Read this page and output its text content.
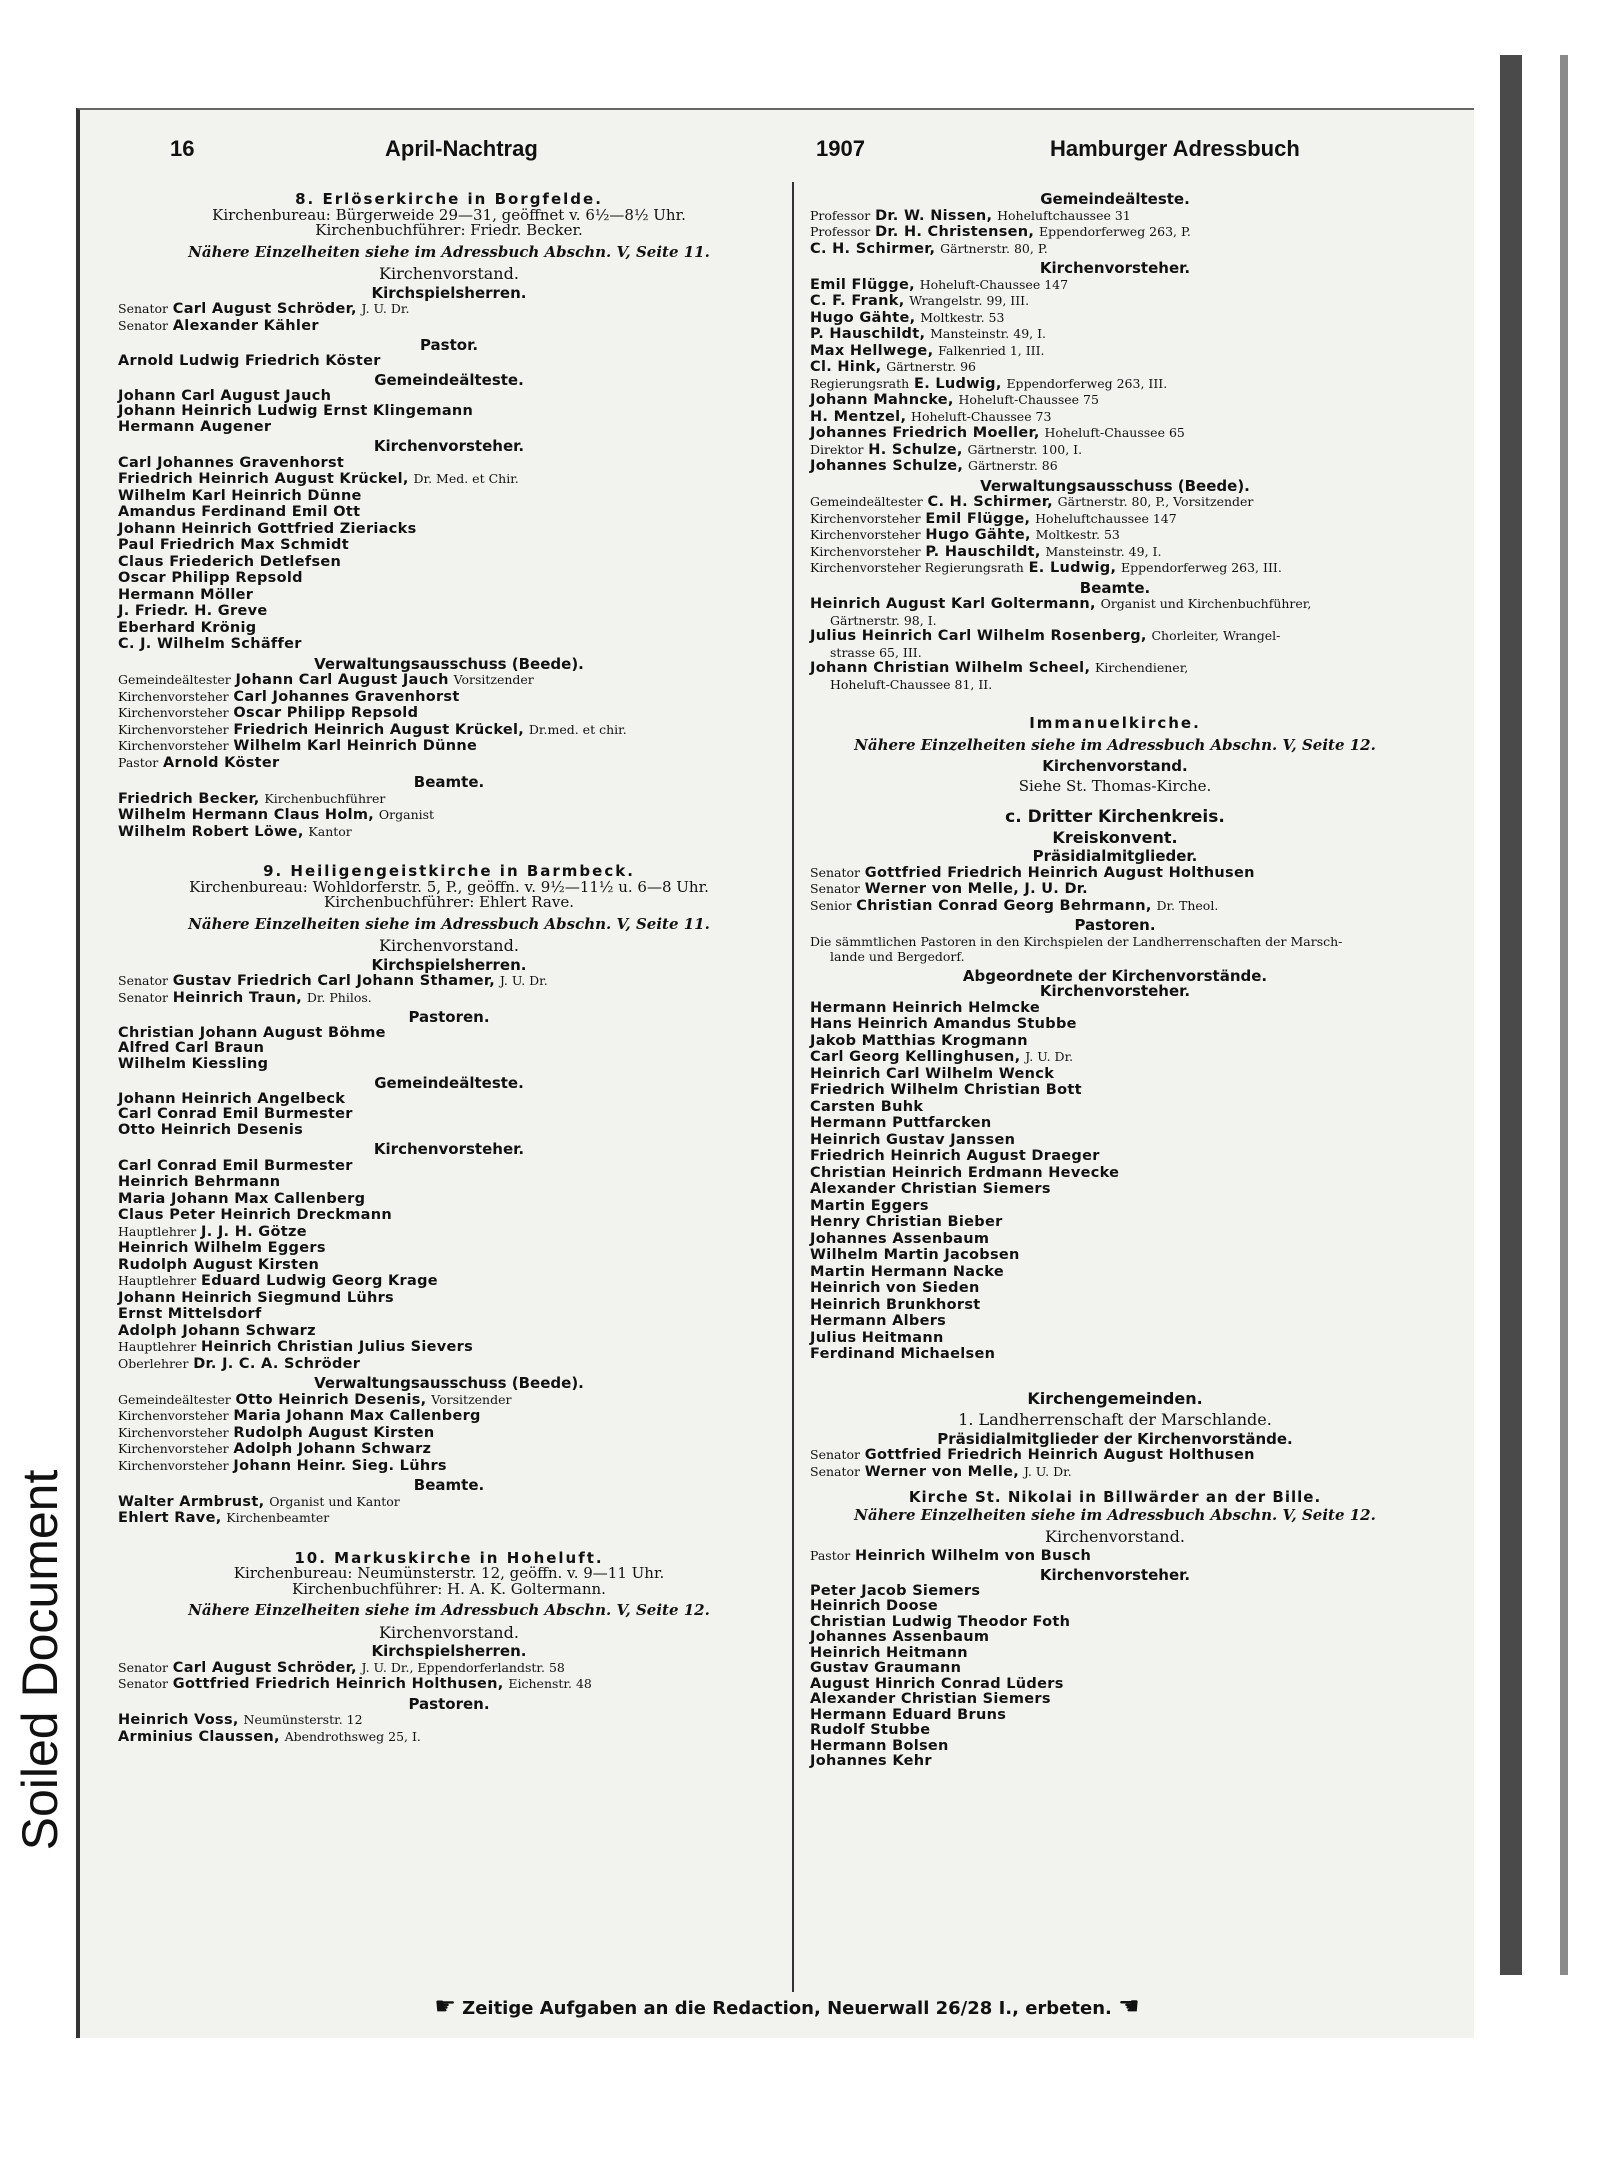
Soiled Document
16	April-Nachtrag	1907	Hamburger Adressbuch
8. Erlöserkirche in Borgfelde.
Kirchenbureau: Bürgerweide 29—31, geöffnet v. 6½—8½ Uhr.
Kirchenbuchführer: Friedr. Becker.
Nähere Einzelheiten siehe im Adressbuch Abschn. V, Seite 11.
Kirchenvorstand.
Kirchspielsherren.
Senator Carl August Schröder, J. U. Dr.
Senator Alexander Kähler
Pastor.
Arnold Ludwig Friedrich Köster
Gemeindeälteste.
Johann Carl August Jauch
Johann Heinrich Ludwig Ernst Klingemann
Hermann Augener
Kirchenvorsteher.
Carl Johannes Gravenhorst
Friedrich Heinrich August Krückel, Dr. Med. et Chir.
Wilhelm Karl Heinrich Dünne
Amandus Ferdinand Emil Ott
Johann Heinrich Gottfried Zieriacks
Paul Friedrich Max Schmidt
Claus Friederich Detlefsen
Oscar Philipp Repsold
Hermann Möller
J. Friedr. H. Greve
Eberhard Krönig
C. J. Wilhelm Schäffer
Verwaltungsausschuss (Beede).
Gemeindeältester Johann Carl August Jauch Vorsitzender
Kirchenvorsteher Carl Johannes Gravenhorst
Kirchenvorsteher Oscar Philipp Repsold
Kirchenvorsteher Friedrich Heinrich August Krückel, Dr.med. et chir.
Kirchenvorsteher Wilhelm Karl Heinrich Dünne
Pastor Arnold Köster
Beamte.
Friedrich Becker, Kirchenbuchführer
Wilhelm Hermann Claus Holm, Organist
Wilhelm Robert Löwe, Kantor
9. Heiligengeistkirche in Barmbeck.
Kirchenbureau: Wohldorferstr. 5, P., geöffn. v. 9½—11½ u. 6—8 Uhr.
Kirchenbuchführer: Ehlert Rave.
Nähere Einzelheiten siehe im Adressbuch Abschn. V, Seite 11.
Kirchenvorstand.
Kirchspielsherren.
Senator Gustav Friedrich Carl Johann Sthamer, J. U. Dr.
Senator Heinrich Traun, Dr. Philos.
Pastoren.
Christian Johann August Böhme
Alfred Carl Braun
Wilhelm Kiessling
Gemeindeälteste.
Johann Heinrich Angelbeck
Carl Conrad Emil Burmester
Otto Heinrich Desenis
Kirchenvorsteher.
Carl Conrad Emil Burmester
Heinrich Behrmann
Maria Johann Max Callenberg
Claus Peter Heinrich Dreckmann
Hauptlehrer J. J. H. Götze
Heinrich Wilhelm Eggers
Rudolph August Kirsten
Hauptlehrer Eduard Ludwig Georg Krage
Johann Heinrich Siegmund Lührs
Ernst Mittelsdorf
Adolph Johann Schwarz
Hauptlehrer Heinrich Christian Julius Sievers
Oberlehrer Dr. J. C. A. Schröder
Verwaltungsausschuss (Beede).
Gemeindeältester Otto Heinrich Desenis, Vorsitzender
Kirchenvorsteher Maria Johann Max Callenberg
Kirchenvorsteher Rudolph August Kirsten
Kirchenvorsteher Adolph Johann Schwarz
Kirchenvorsteher Johann Heinr. Sieg. Lührs
Beamte.
Walter Armbrust, Organist und Kantor
Ehlert Rave, Kirchenbeamter
10. Markuskirche in Hoheluft.
Kirchenbureau: Neumünsterstr. 12, geöffn. v. 9—11 Uhr.
Kirchenbuchführer: H. A. K. Goltermann.
Nähere Einzelheiten siehe im Adressbuch Abschn. V, Seite 12.
Kirchenvorstand.
Kirchspielsherren.
Senator Carl August Schröder, J. U. Dr., Eppendorferlandstr. 58
Senator Gottfried Friedrich Heinrich Holthusen, Eichenstr. 48
Pastoren.
Heinrich Voss, Neumünsterstr. 12
Arminius Claussen, Abendrothsweg 25, I.
Gemeindeälteste.
Professor Dr. W. Nissen, Hoheluftchaussee 31
Professor Dr. H. Christensen, Eppendorferweg 263, P.
C. H. Schirmer, Gärtnerstr. 80, P.
Kirchenvorsteher.
Emil Flügge, Hoheluft-Chaussee 147
C. F. Frank, Wrangelstr. 99, III.
Hugo Gähte, Moltkestr. 53
P. Hauschildt, Mansteinstr. 49, I.
Max Hellwege, Falkenried 1, III.
Cl. Hink, Gärtnerstr. 96
Regierungsrath E. Ludwig, Eppendorferweg 263, III.
Johann Mahncke, Hoheluft-Chaussee 75
H. Mentzel, Hoheluft-Chaussee 73
Johannes Friedrich Moeller, Hoheluft-Chaussee 65
Direktor H. Schulze, Gärtnerstr. 100, I.
Johannes Schulze, Gärtnerstr. 86
Verwaltungsausschuss (Beede).
Gemeindeältester C. H. Schirmer, Gärtnerstr. 80, P., Vorsitzender
Kirchenvorsteher Emil Flügge, Hoheluftchaussee 147
Kirchenvorsteher Hugo Gähte, Moltkestr. 53
Kirchenvorsteher P. Hauschildt, Mansteinstr. 49, I.
Kirchenvorsteher Regierungsrath E. Ludwig, Eppendorferweg 263, III.
Beamte.
Heinrich August Karl Goltermann, Organist und Kirchenbuchführer,
Gärtnerstr. 98, I.
Julius Heinrich Carl Wilhelm Rosenberg, Chorleiter, Wrangel-
strasse 65, III.
Johann Christian Wilhelm Scheel, Kirchendiener,
Hoheluft-Chaussee 81, II.
Immanuelkirche.
Nähere Einzelheiten siehe im Adressbuch Abschn. V, Seite 12.
Kirchenvorstand.
Siehe St. Thomas-Kirche.
c. Dritter Kirchenkreis.
Kreiskonvent.
Präsidialmitglieder.
Senator Gottfried Friedrich Heinrich August Holthusen
Senator Werner von Melle, J. U. Dr.
Senior Christian Conrad Georg Behrmann, Dr. Theol.
Pastoren.
Die sämmtlichen Pastoren in den Kirchspielen der Landherrenschaften der Marsch-
lande und Bergedorf.
Abgeordnete der Kirchenvorstände.
Kirchenvorsteher.
Hermann Heinrich Helmcke
Hans Heinrich Amandus Stubbe
Jakob Matthias Krogmann
Carl Georg Kellinghusen, J. U. Dr.
Heinrich Carl Wilhelm Wenck
Friedrich Wilhelm Christian Bott
Carsten Buhk
Hermann Puttfarcken
Heinrich Gustav Janssen
Friedrich Heinrich August Draeger
Christian Heinrich Erdmann Hevecke
Alexander Christian Siemers
Martin Eggers
Henry Christian Bieber
Johannes Assenbaum
Wilhelm Martin Jacobsen
Martin Hermann Nacke
Heinrich von Sieden
Heinrich Brunkhorst
Hermann Albers
Julius Heitmann
Ferdinand Michaelsen
Kirchengemeinden.
1. Landherrenschaft der Marschlande.
Präsidialmitglieder der Kirchenvorstände.
Senator Gottfried Friedrich Heinrich August Holthusen
Senator Werner von Melle, J. U. Dr.
Kirche St. Nikolai in Billwärder an der Bille.
Nähere Einzelheiten siehe im Adressbuch Abschn. V, Seite 12.
Kirchenvorstand.
Pastor Heinrich Wilhelm von Busch
Kirchenvorsteher.
Peter Jacob Siemers
Heinrich Doose
Christian Ludwig Theodor Foth
Johannes Assenbaum
Heinrich Heitmann
Gustav Graumann
August Hinrich Conrad Lüders
Alexander Christian Siemers
Hermann Eduard Bruns
Rudolf Stubbe
Hermann Bolsen
Johannes Kehr
☛ Zeitige Aufgaben an die Redaction, Neuerwall 26/28 I., erbeten. ☚
